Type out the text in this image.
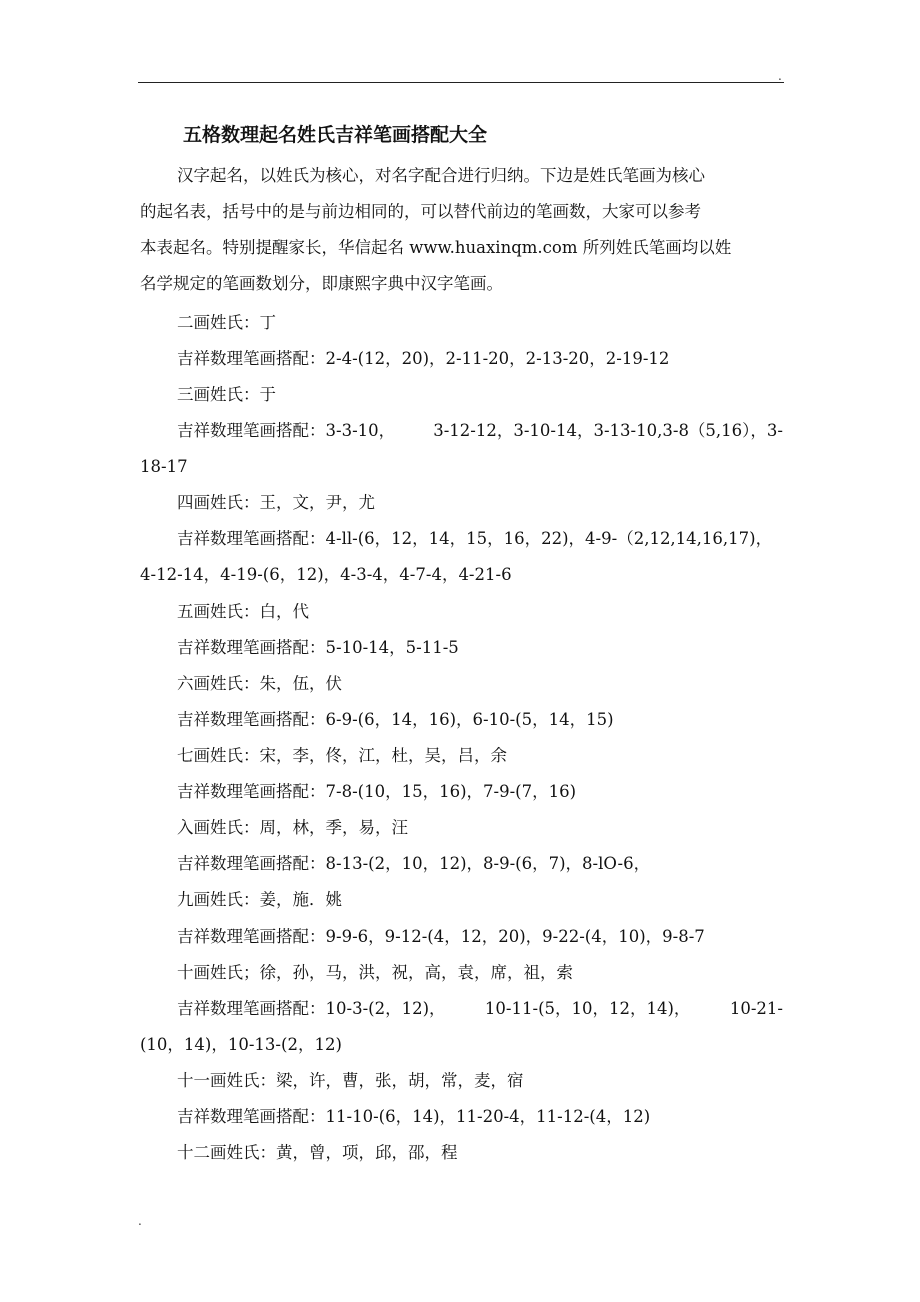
.
五格数理起名姓氏吉祥笔画搭配大全

汉字起名，以姓氏为核心，对名字配合进行归纳。下边是姓氏笔画为核心

的起名表，括号中的是与前边相同的，可以替代前边的笔画数，大家可以参考

本表起名。特别提醒家长，华信起名 www.huaxinqm.com 所列姓氏笔画均以姓

名学规定的笔画数划分，即康熙字典中汉字笔画。

二画姓氏：丁

吉祥数理笔画搭配：2-4-(12，20)，2-11-20，2-13-20，2-19-12

三画姓氏：于

吉祥数理笔画搭配：3-3-10， 3-12-12，3-10-14，3-13-10,3-8（5,16），3-

18-17

四画姓氏：王，文，尹，尤

吉祥数理笔画搭配：4-ll-(6，12，14，15，16，22)，4-9-（2,12,14,16,17)，

4-12-14，4-19-(6，12)，4-3-4，4-7-4，4-21-6

五画姓氏：白，代

吉祥数理笔画搭配：5-10-14，5-11-5

六画姓氏：朱，伍，伏

吉祥数理笔画搭配：6-9-(6，14，16)，6-10-(5，14，15)

七画姓氏：宋，李，佟，江，杜，吴，吕，余

吉祥数理笔画搭配：7-8-(10，15，16)，7-9-(7，16)

入画姓氏：周，林，季，易，汪

吉祥数理笔画搭配：8-13-(2，10，12)，8-9-(6，7)，8-lO-6，

九画姓氏：姜，施．姚

吉祥数理笔画搭配：9-9-6，9-12-(4，12，20)，9-22-(4，10)，9-8-7

十画姓氏；徐，孙，马，洪，祝，高，袁，席，祖，索

吉祥数理笔画搭配：10-3-(2，12)， 10-11-(5，10，12，14)， 10-21-

(10，14)，10-13-(2，12)

十一画姓氏：梁，许，曹，张，胡，常，麦，宿

吉祥数理笔画搭配：11-10-(6，14)，11-20-4，11-12-(4，12)

十二画姓氏：黄，曾，项，邱，邵，程

.
